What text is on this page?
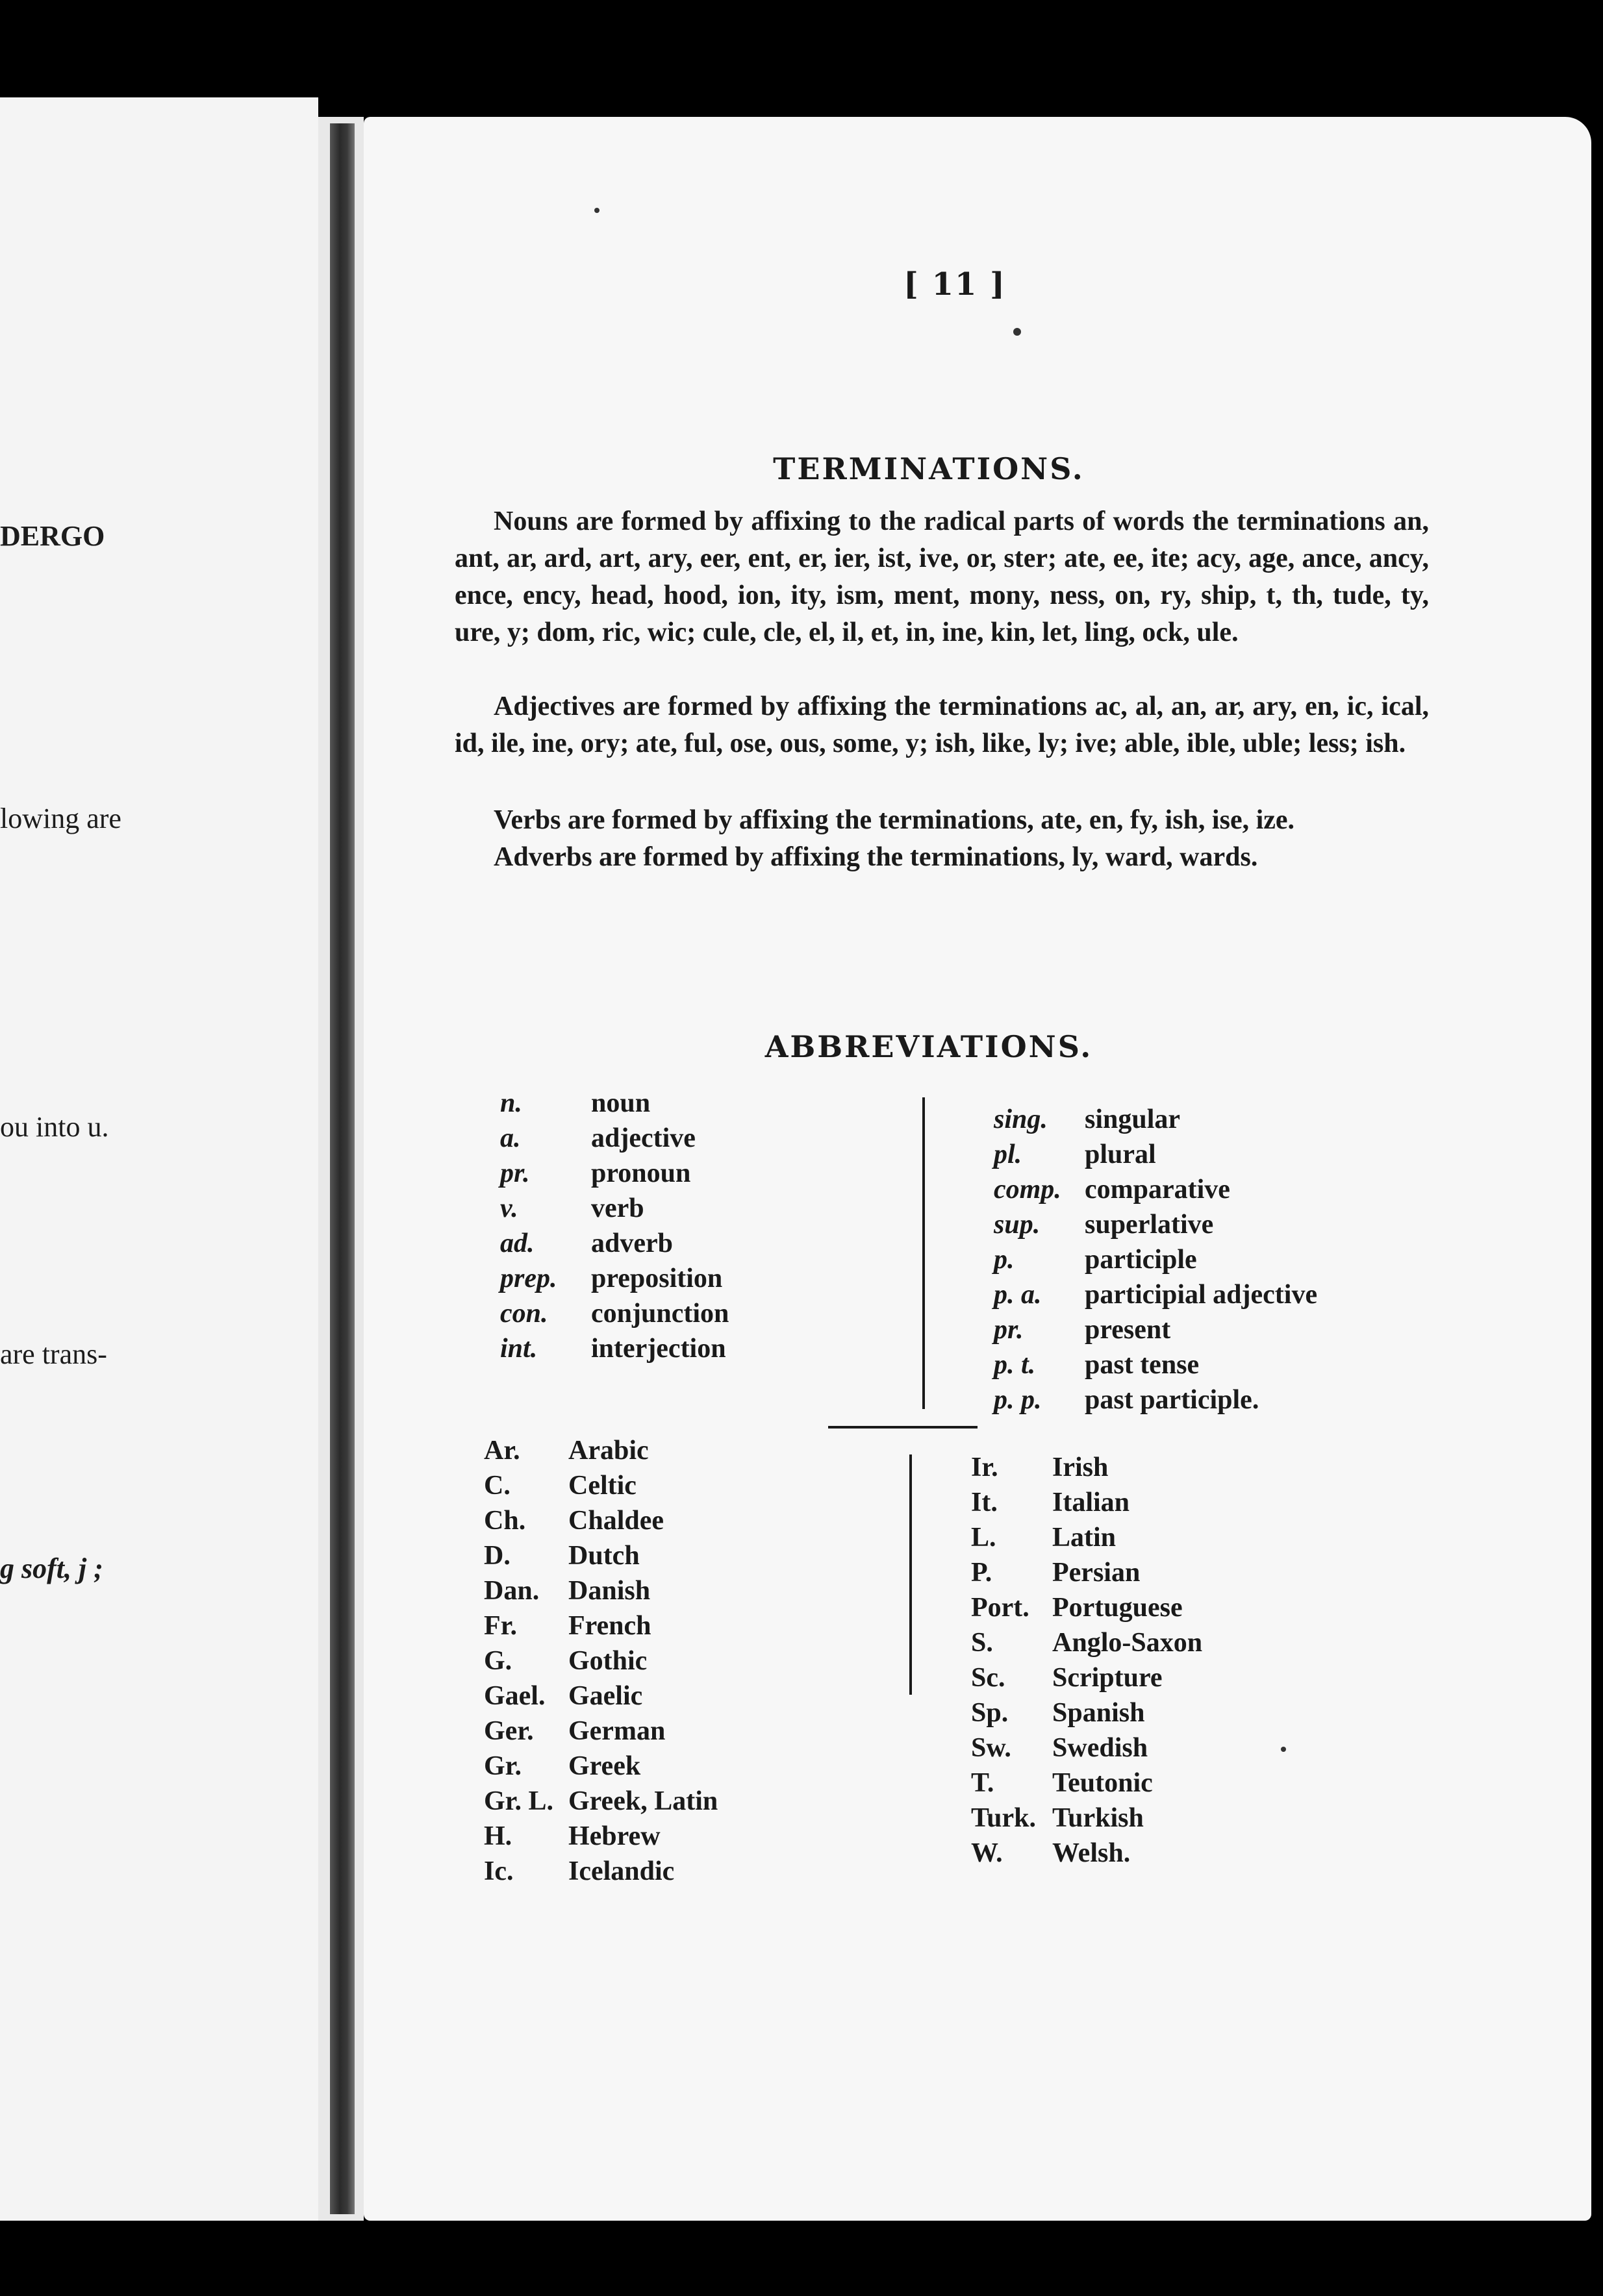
DERGO
lowing are
ou into u.
are trans-
g soft, j ;
[ 11 ]
TERMINATIONS.
Nouns are formed by affixing to the radical parts of words the terminations an, ant, ar, ard, art, ary, eer, ent, er, ier, ist, ive, or, ster; ate, ee, ite; acy, age, ance, ancy, ence, ency, head, hood, ion, ity, ism, ment, mony, ness, on, ry, ship, t, th, tude, ty, ure, y; dom, ric, wic; cule, cle, el, il, et, in, ine, kin, let, ling, ock, ule.
Adjectives are formed by affixing the terminations ac, al, an, ar, ary, en, ic, ical, id, ile, ine, ory; ate, ful, ose, ous, some, y; ish, like, ly; ive; able, ible, uble; less; ish.
Verbs are formed by affixing the terminations, ate, en, fy, ish, ise, ize.
Adverbs are formed by affixing the terminations, ly, ward, wards.
ABBREVIATIONS.
n.	noun
a.	adjective
pr. pronoun
v.	verb
ad. adverb
prep. preposition
con. conjunction
int. interjection
sing. singular
pl. plural
comp. comparative
sup. superlative
p.	participle
p. a. participial adjective
pr. present
p. t. past tense
p. p. past participle.
Ar. Arabic
C. Celtic
Ch. Chaldee
D. Dutch
Dan. Danish
Fr. French
G. Gothic
Gael. Gaelic
Ger. German
Gr. Greek
Gr. L. Greek, Latin
H. Hebrew
Ic. Icelandic
Ir. Irish
It. Italian
L. Latin
P. Persian
Port. Portuguese
S. Anglo-Saxon
Sc. Scripture
Sp. Spanish
Sw. Swedish
T. Teutonic
Turk. Turkish
W. Welsh.
